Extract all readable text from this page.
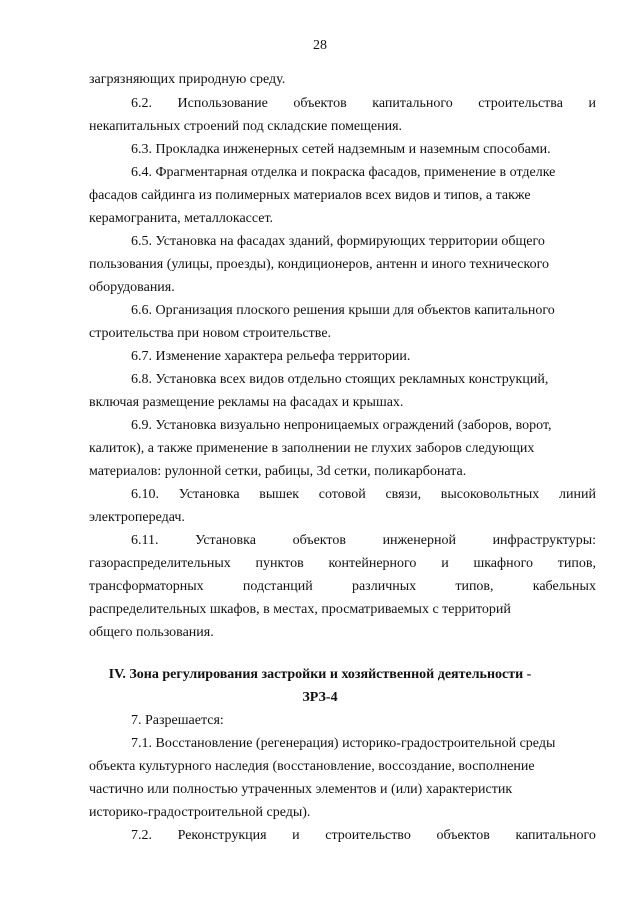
28
загрязняющих природную среду.
6.2. Использование объектов капитального строительства и
некапитальных строений под складские помещения.
6.3. Прокладка инженерных сетей надземным и наземным способами.
6.4. Фрагментарная отделка и покраска фасадов, применение в отделке
фасадов сайдинга из полимерных материалов всех видов и типов, а также
керамогранита, металлокассет.
6.5. Установка на фасадах зданий, формирующих территории общего
пользования (улицы, проезды), кондиционеров, антенн и иного технического
оборудования.
6.6. Организация плоского решения крыши для объектов капитального
строительства при новом строительстве.
6.7. Изменение характера рельефа территории.
6.8. Установка всех видов отдельно стоящих рекламных конструкций,
включая размещение рекламы на фасадах и крышах.
6.9. Установка визуально непроницаемых ограждений (заборов, ворот,
калиток), а также применение в заполнении не глухих заборов следующих
материалов: рулонной сетки, рабицы, 3d сетки, поликарбоната.
6.10. Установка вышек сотовой связи, высоковольтных линий
электропередач.
6.11.	Установка	объектов	инженерной	инфраструктуры:
газораспределительных пунктов контейнерного и шкафного типов,
трансформаторных	подстанций	различных	типов,	кабельных
распределительных шкафов, в местах, просматриваемых с территорий
общего пользования.
IV. Зона регулирования застройки и хозяйственной деятельности -
ЗРЗ-4
7. Разрешается:
7.1. Восстановление (регенерация) историко-градостроительной среды
объекта культурного наследия (восстановление, воссоздание, восполнение
частично или полностью утраченных элементов и (или) характеристик
историко-градостроительной среды).
7.2. Реконструкция и строительство объектов капитального
